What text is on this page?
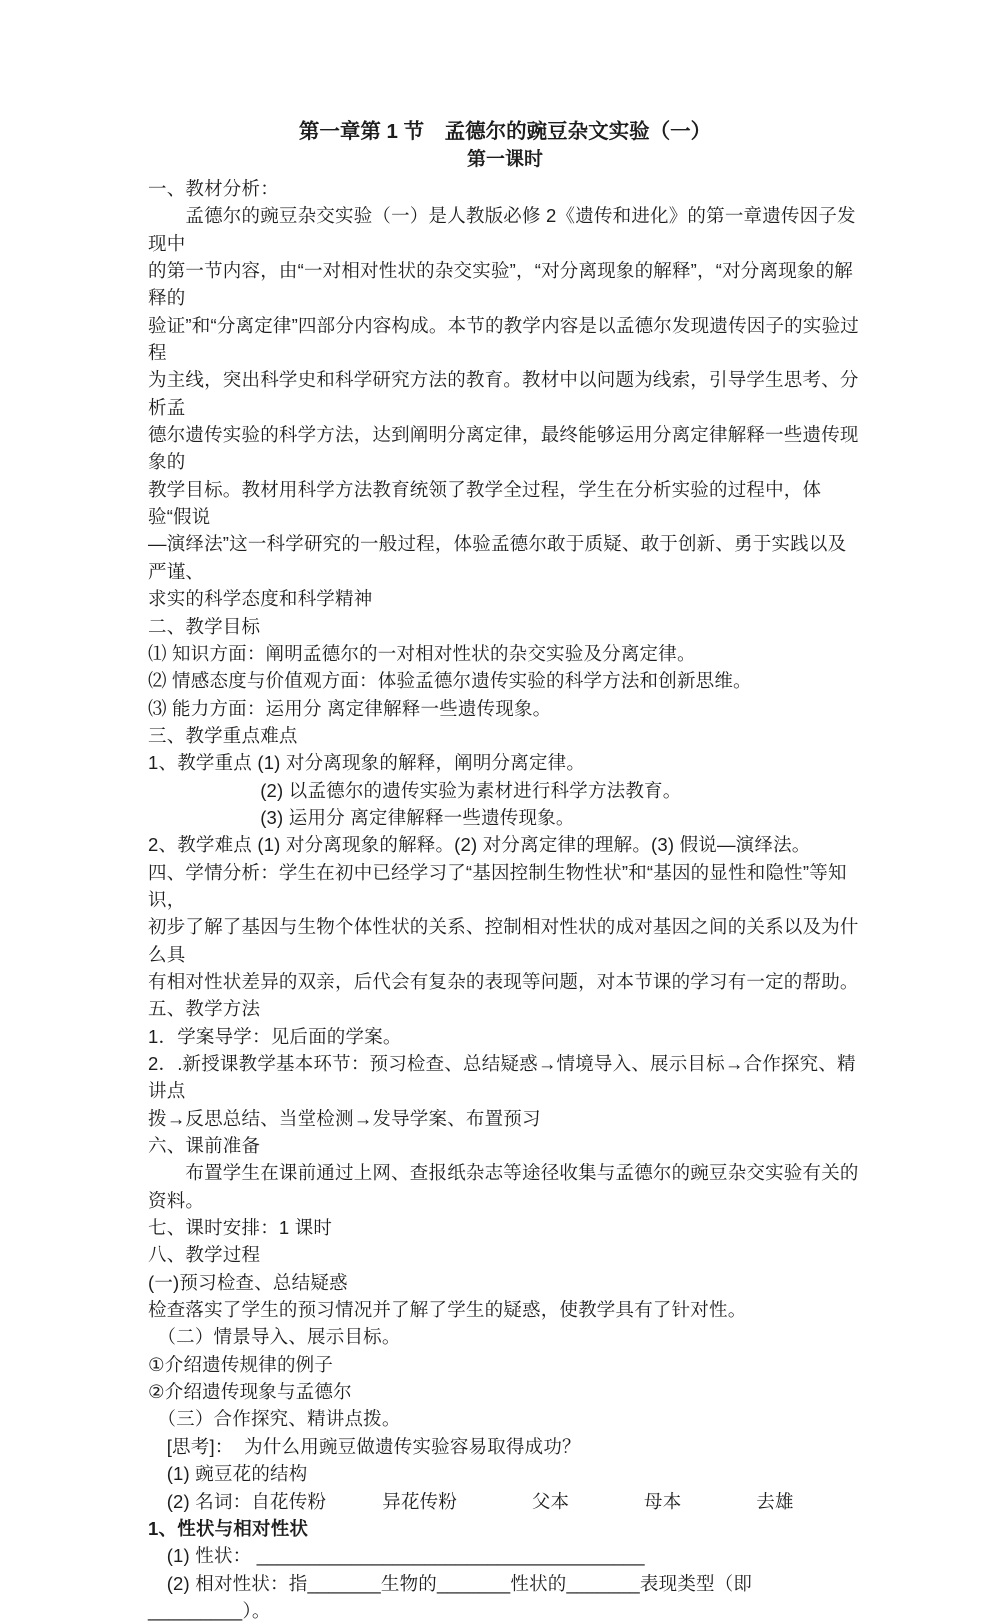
第一章第 1 节　孟德尔的豌豆杂文实验（一）
第一课时
一、教材分析：
　　孟德尔的豌豆杂交实验（一）是人教版必修 2《遗传和进化》的第一章遗传因子发现中
的第一节内容，由“一对相对性状的杂交实验”，“对分离现象的解释”，“对分离现象的解释的
验证”和“分离定律”四部分内容构成。本节的教学内容是以孟德尔发现遗传因子的实验过程
为主线，突出科学史和科学研究方法的教育。教材中以问题为线索，引导学生思考、分析孟
德尔遗传实验的科学方法，达到阐明分离定律，最终能够运用分离定律解释一些遗传现象的
教学目标。教材用科学方法教育统领了教学全过程，学生在分析实验的过程中，体验“假说
—演绎法”这一科学研究的一般过程，体验孟德尔敢于质疑、敢于创新、勇于实践以及严谨、
求实的科学态度和科学精神
二、教学目标
⑴ 知识方面：阐明孟德尔的一对相对性状的杂交实验及分离定律。
⑵ 情感态度与价值观方面：体验孟德尔遗传实验的科学方法和创新思维。
⑶ 能力方面：运用分 离定律解释一些遗传现象。
三、教学重点难点
1、教学重点 (1) 对分离现象的解释，阐明分离定律。
　　　　　　(2) 以孟德尔的遗传实验为素材进行科学方法教育。
　　　　　　(3) 运用分 离定律解释一些遗传现象。
2、教学难点 (1) 对分离现象的解释。(2) 对分离定律的理解。(3) 假说—演绎法。
四、学情分析：学生在初中已经学习了“基因控制生物性状”和“基因的显性和隐性”等知识，
初步了解了基因与生物个体性状的关系、控制相对性状的成对基因之间的关系以及为什么具
有相对性状差异的双亲，后代会有复杂的表现等问题，对本节课的学习有一定的帮助。
五、教学方法
1．学案导学：见后面的学案。
2．.新授课教学基本环节：预习检查、总结疑惑→情境导入、展示目标→合作探究、精讲点
拨→反思总结、当堂检测→发导学案、布置预习
六、课前准备
　　布置学生在课前通过上网、查报纸杂志等途径收集与孟德尔的豌豆杂交实验有关的资料。
七、课时安排：1 课时
八、教学过程
(一)预习检查、总结疑惑
检查落实了学生的预习情况并了解了学生的疑惑，使教学具有了针对性。
　（二）情景导入、展示目标。
①介绍遗传规律的例子
②介绍遗传现象与孟德尔
　（三）合作探究、精讲点拨。
　[思考]：  为什么用豌豆做遗传实验容易取得成功？
　(1) 豌豆花的结构
　(2) 名词：自花传粉　　　异花传粉　　　　父本　　　　母本　　　　去雄
1、性状与相对性状
　(1) 性状： _____________________________________
　(2) 相对性状：指_______生物的_______性状的_______表现类型（即_________）。
